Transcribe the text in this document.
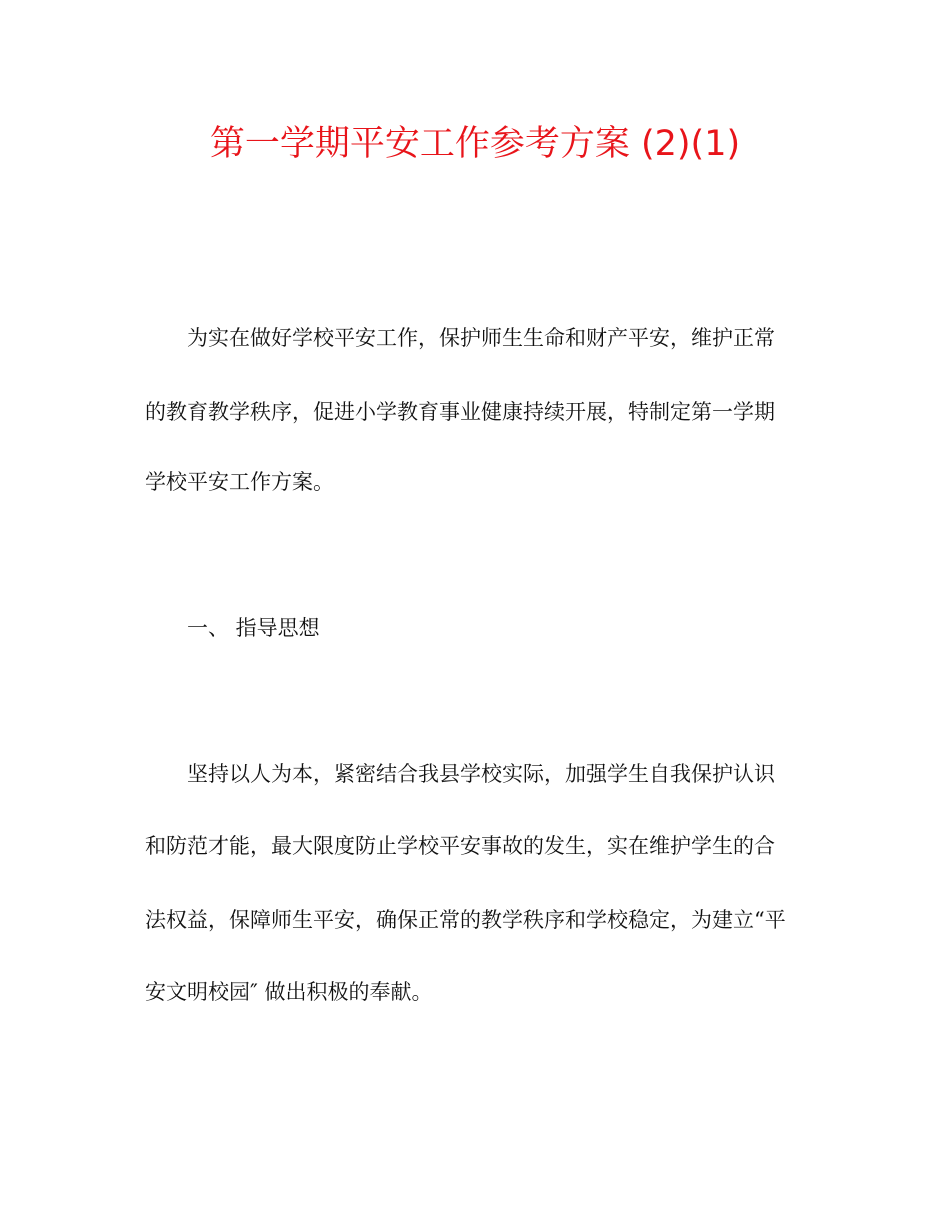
第一学期平安工作参考方案 (2)(1)
为实在做好学校平安工作，保护师生生命和财产平安，维护正常
的教育教学秩序，促进小学教育事业健康持续开展，特制定第一学期
学校平安工作方案。
一、 指导思想
坚持以人为本，紧密结合我县学校实际，加强学生自我保护认识
和防范才能，最大限度防止学校平安事故的发生，实在维护学生的合
法权益，保障师生平安，确保正常的教学秩序和学校稳定，为建立“平
安文明校园″ 做出积极的奉献。
